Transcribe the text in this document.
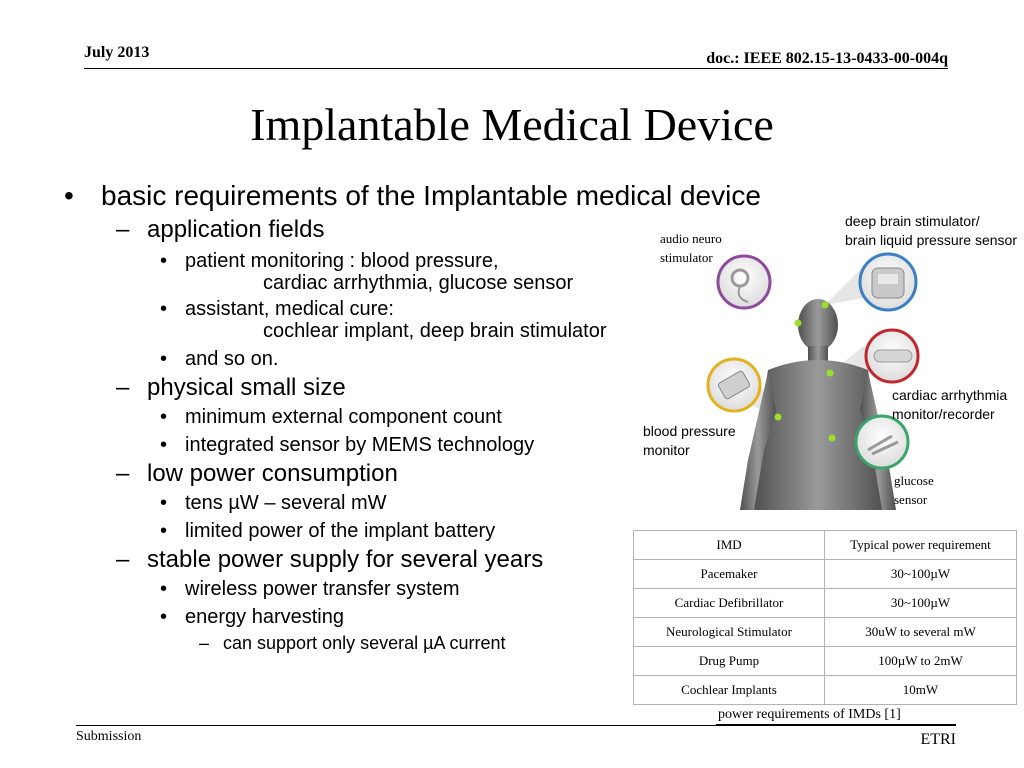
July 2013	doc.: IEEE 802.15-13-0433-00-004q
Implantable Medical Device
• basic requirements of the Implantable medical device
– application fields
• patient monitoring : blood pressure,
cardiac arrhythmia, glucose sensor
• assistant, medical cure:
cochlear implant, deep brain stimulator
• and so on.
– physical small size
• minimum external component count
• integrated sensor by MEMS technology
– low power consumption
• tens µW – several mW
• limited power of the implant battery
– stable power supply for several years
• wireless power transfer system
• energy harvesting
– can support only several µA current
deep brain stimulator/
brain liquid pressure sensor
audio neuro
stimulator
cardiac arrhythmia
monitor/recorder
blood pressure
monitor
glucose
sensor
IMD	Typical power requirement
Pacemaker	30~100µW
Cardiac Defibrillator	30~100µW
Neurological Stimulator	30uW to several mW
Drug Pump	100µW to 2mW
Cochlear Implants	10mW
power requirements of IMDs [1]
Submission	ETRI
